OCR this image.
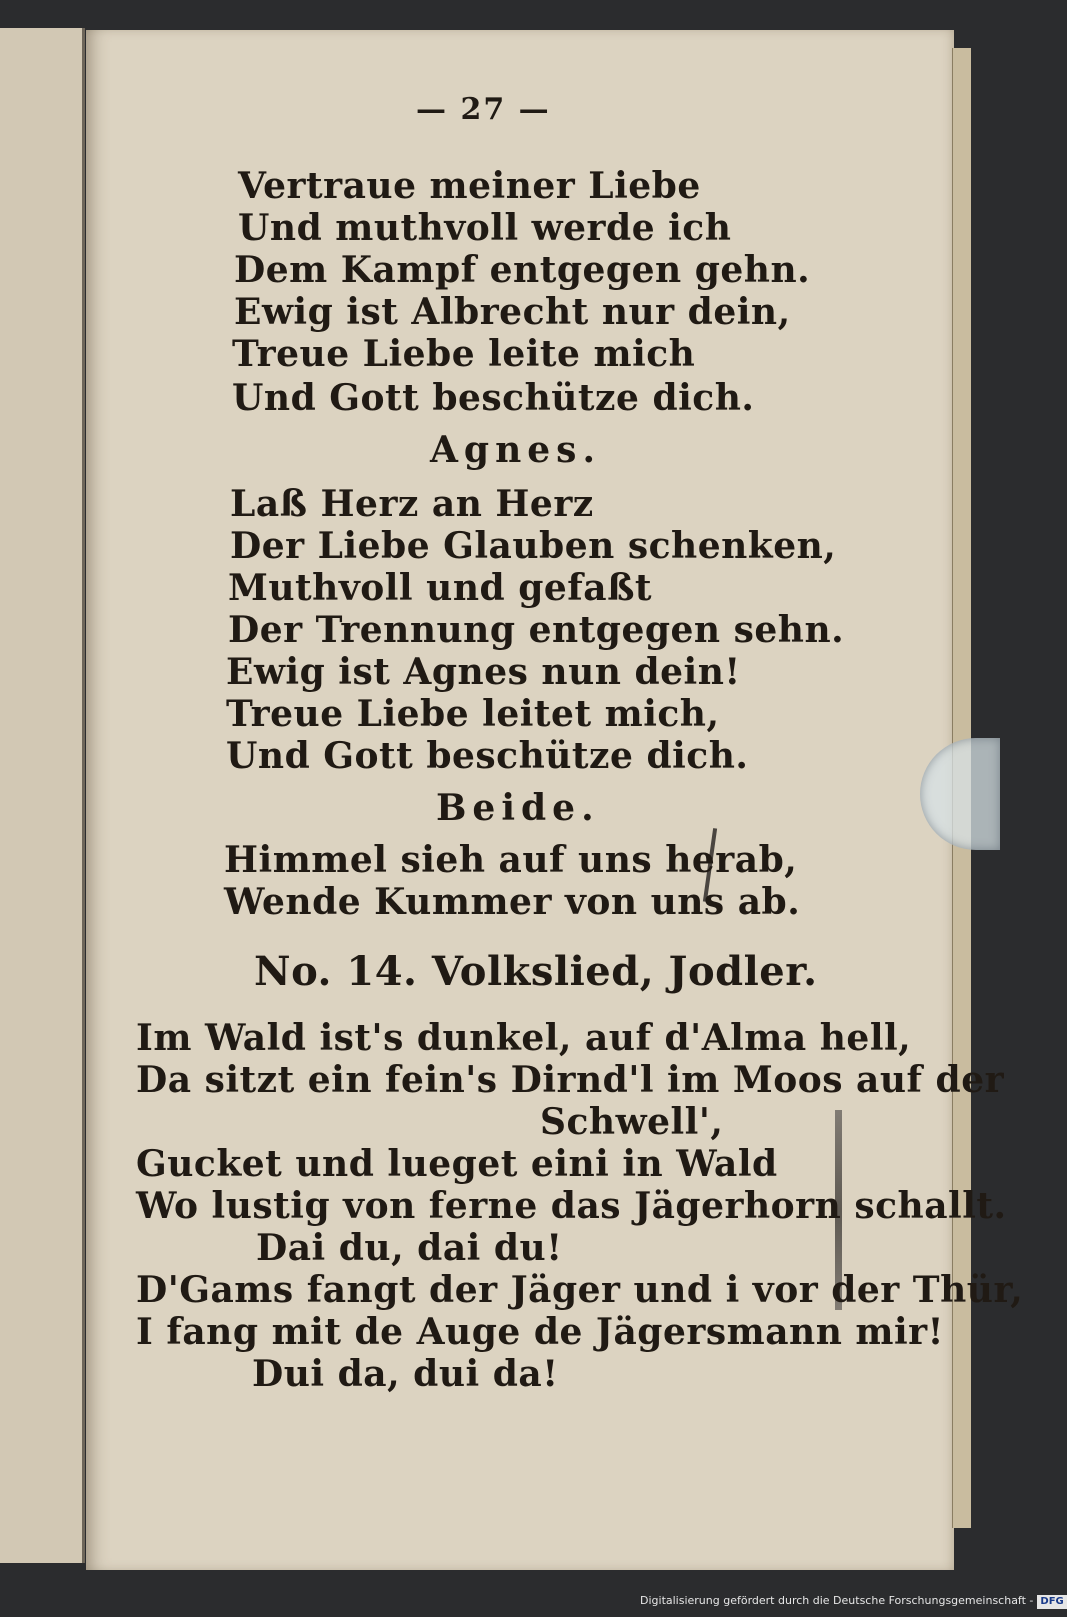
— 27 —

Vertraue meiner Liebe

Und muthvoll werde ich

Dem Kampf entgegen gehn.

Ewig ist Albrecht nur dein,

Treue Liebe leite mich

Und Gott beschütze dich.

Agnes.

Laß Herz an Herz

Der Liebe Glauben schenken,

Muthvoll und gefaßt

Der Trennung entgegen sehn.

Ewig ist Agnes nun dein!

Treue Liebe leitet mich,

Und Gott beschütze dich.

Beide.

Himmel sieh auf uns herab,

Wende Kummer von uns ab.

No. 14. Volkslied, Jodler.

Im Wald ist's dunkel, auf d'Alma hell,

Da sitzt ein fein's Dirnd'l im Moos auf der

Schwell',

Gucket und lueget eini in Wald

Wo lustig von ferne das Jägerhorn schallt.

Dai du, dai du!

D'Gams fangt der Jäger und i vor der Thür,

I fang mit de Auge de Jägersmann mir!

Dui da, dui da!

Digitalisierung gefördert durch die Deutsche Forschungsgemeinschaft - DFG
